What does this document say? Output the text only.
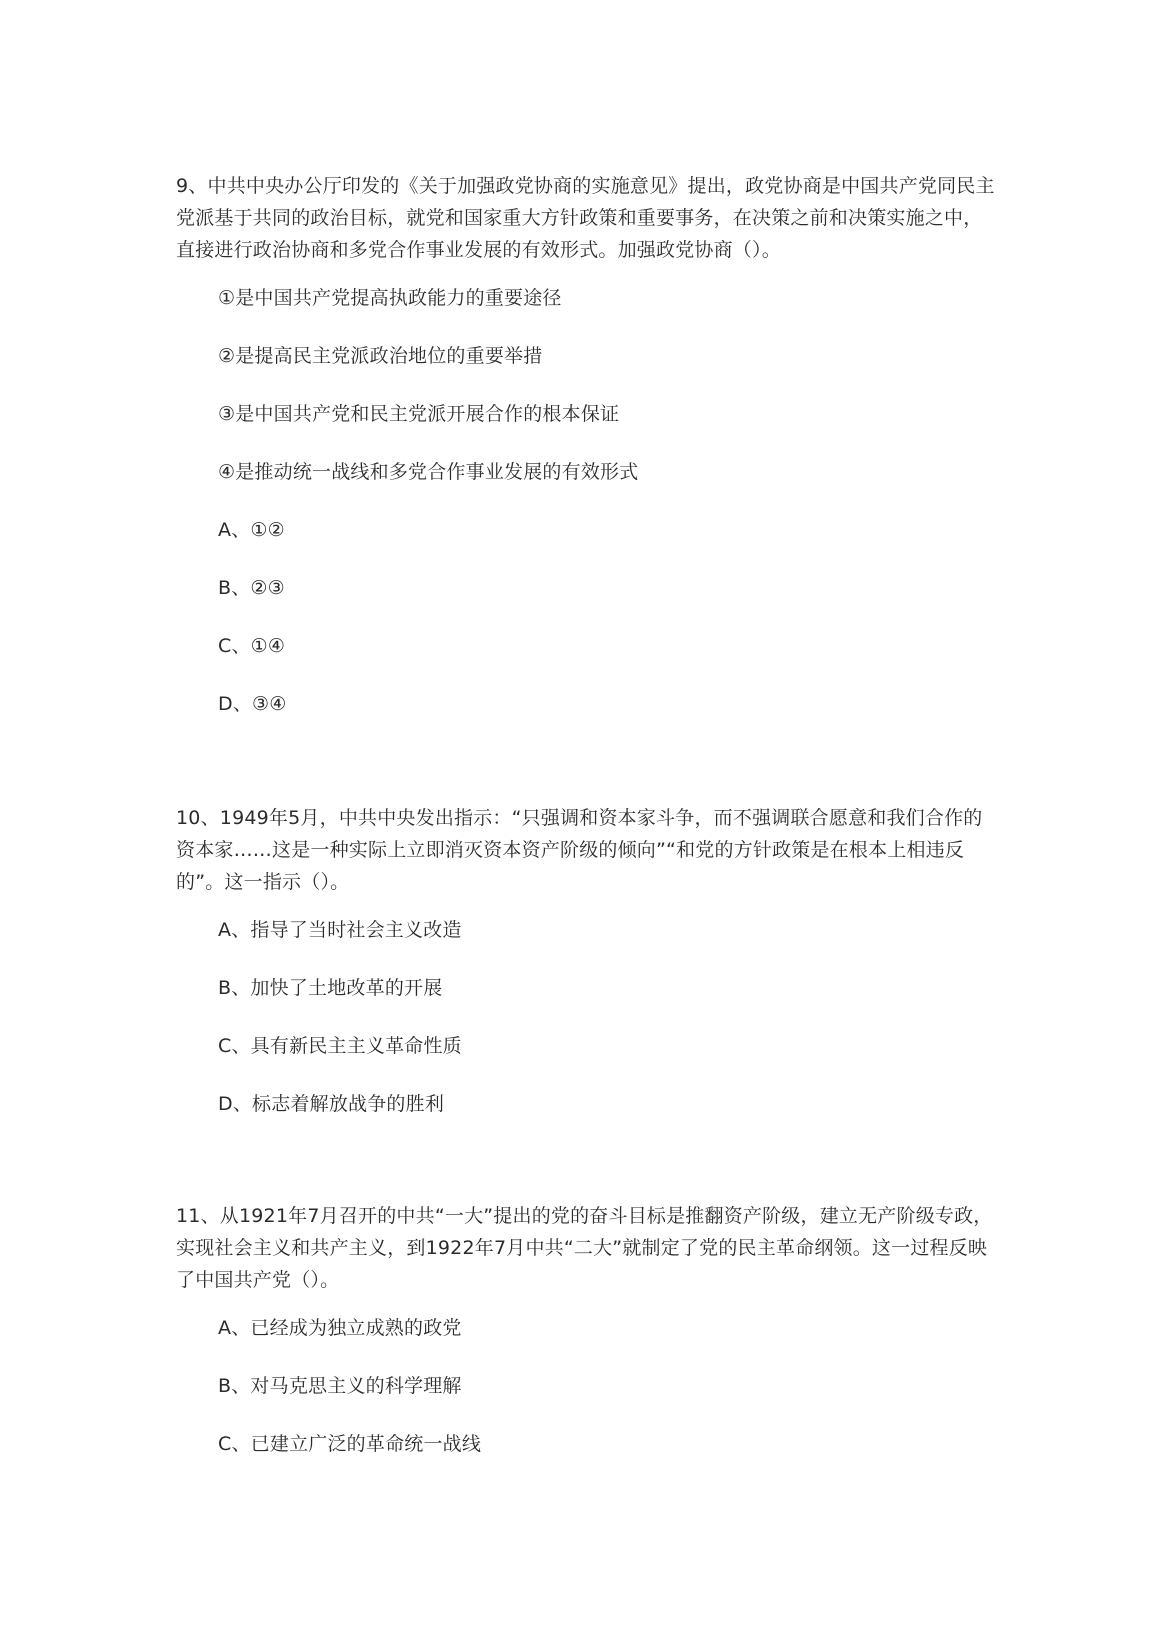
9、中共中央办公厅印发的《关于加强政党协商的实施意见》提出，政党协商是中国共产党同民主党派基于共同的政治目标，就党和国家重大方针政策和重要事务，在决策之前和决策实施之中，直接进行政治协商和多党合作事业发展的有效形式。加强政党协商（）。

①是中国共产党提高执政能力的重要途径

②是提高民主党派政治地位的重要举措

③是中国共产党和民主党派开展合作的根本保证

④是推动统一战线和多党合作事业发展的有效形式

A、①②

B、②③

C、①④

D、③④

10、1949年5月，中共中央发出指示：“只强调和资本家斗争，而不强调联合愿意和我们合作的资本家……这是一种实际上立即消灭资本资产阶级的倾向”“和党的方针政策是在根本上相违反的”。这一指示（）。

A、指导了当时社会主义改造

B、加快了土地改革的开展

C、具有新民主主义革命性质

D、标志着解放战争的胜利

11、从1921年7月召开的中共“一大”提出的党的奋斗目标是推翻资产阶级，建立无产阶级专政，实现社会主义和共产主义，到1922年7月中共“二大”就制定了党的民主革命纲领。这一过程反映了中国共产党（）。

A、已经成为独立成熟的政党

B、对马克思主义的科学理解

C、已建立广泛的革命统一战线
